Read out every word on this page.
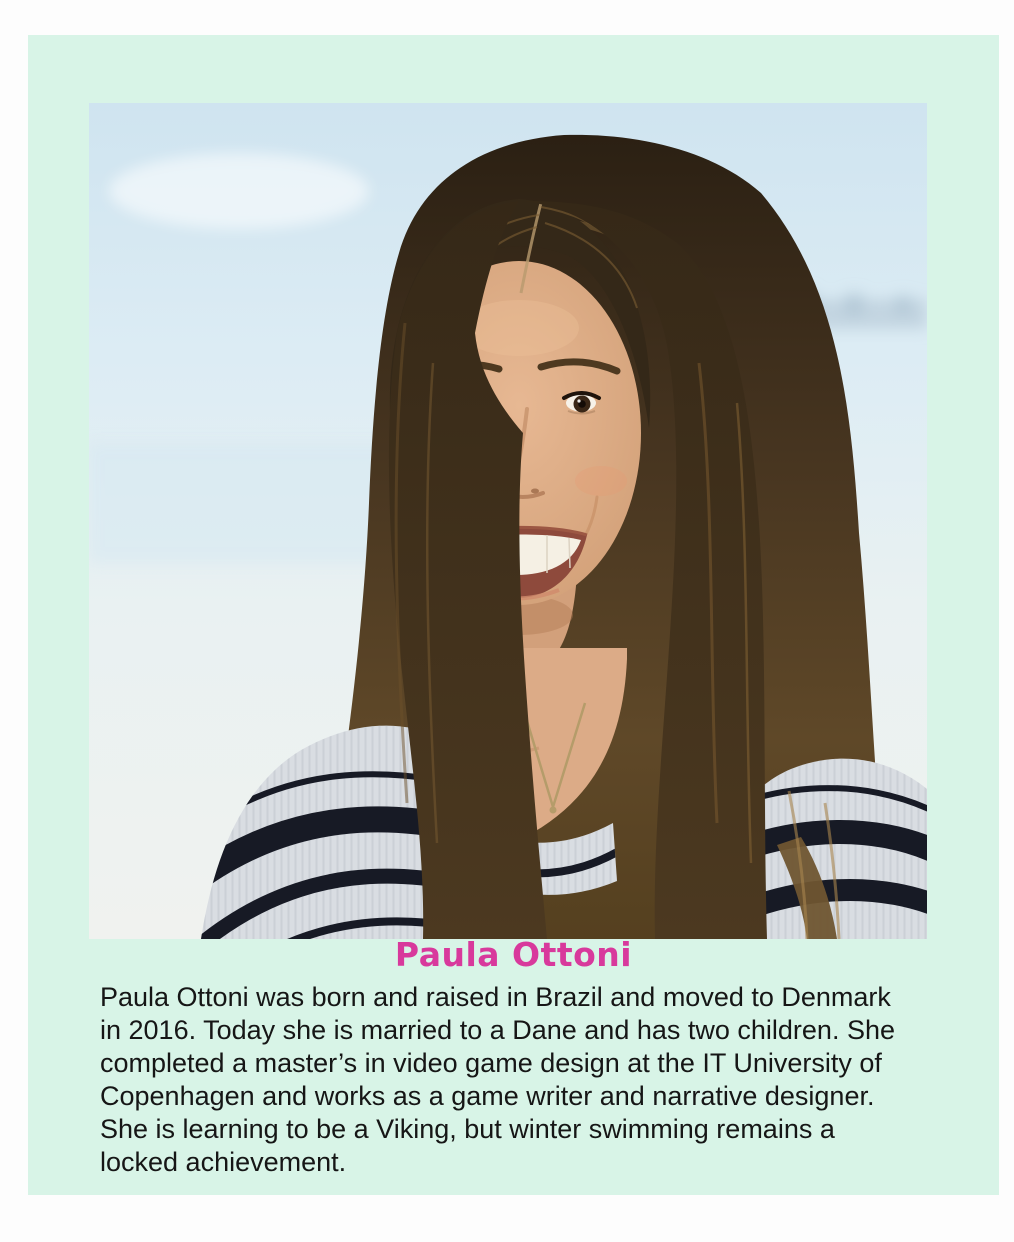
Paula Ottoni
Paula Ottoni was born and raised in Brazil and moved to Denmark
in 2016. Today she is married to a Dane and has two children. She
completed a master’s in video game design at the IT University of
Copenhagen and works as a game writer and narrative designer.
She is learning to be a Viking, but winter swimming remains a
locked achievement.
